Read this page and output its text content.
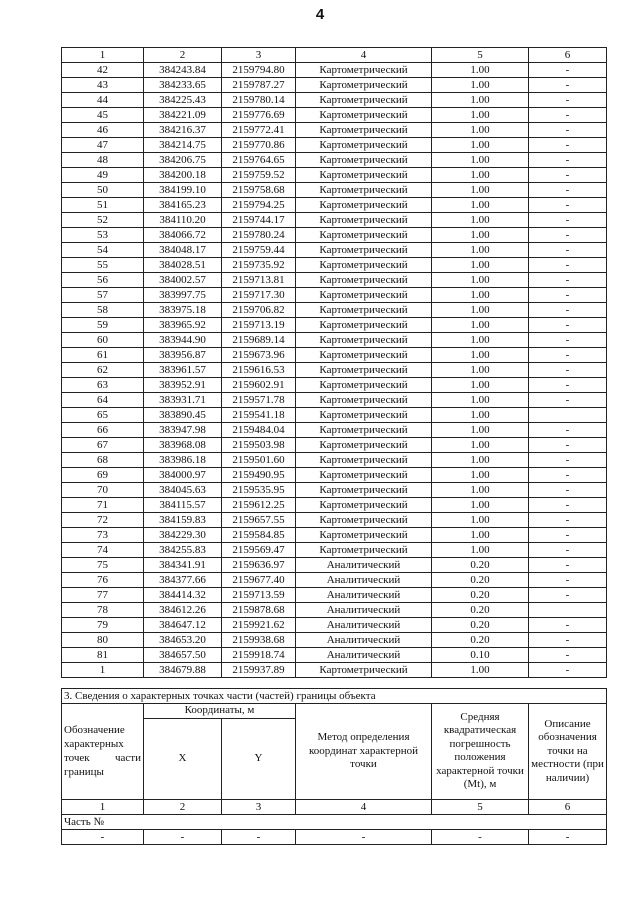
4
1	2	3	4	5	6
42	384243.84	2159794.80	Картометрический	1.00	-
43	384233.65	2159787.27	Картометрический	1.00	-
44	384225.43	2159780.14	Картометрический	1.00	-
45	384221.09	2159776.69	Картометрический	1.00	-
46	384216.37	2159772.41	Картометрический	1.00	-
47	384214.75	2159770.86	Картометрический	1.00	-
48	384206.75	2159764.65	Картометрический	1.00	-
49	384200.18	2159759.52	Картометрический	1.00	-
50	384199.10	2159758.68	Картометрический	1.00	-
51	384165.23	2159794.25	Картометрический	1.00	-
52	384110.20	2159744.17	Картометрический	1.00	-
53	384066.72	2159780.24	Картометрический	1.00	-
54	384048.17	2159759.44	Картометрический	1.00	-
55	384028.51	2159735.92	Картометрический	1.00	-
56	384002.57	2159713.81	Картометрический	1.00	-
57	383997.75	2159717.30	Картометрический	1.00	-
58	383975.18	2159706.82	Картометрический	1.00	-
59	383965.92	2159713.19	Картометрический	1.00	-
60	383944.90	2159689.14	Картометрический	1.00	-
61	383956.87	2159673.96	Картометрический	1.00	-
62	383961.57	2159616.53	Картометрический	1.00	-
63	383952.91	2159602.91	Картометрический	1.00	-
64	383931.71	2159571.78	Картометрический	1.00	-
65	383890.45	2159541.18	Картометрический	1.00	
66	383947.98	2159484.04	Картометрический	1.00	-
67	383968.08	2159503.98	Картометрический	1.00	-
68	383986.18	2159501.60	Картометрический	1.00	-
69	384000.97	2159490.95	Картометрический	1.00	-
70	384045.63	2159535.95	Картометрический	1.00	-
71	384115.57	2159612.25	Картометрический	1.00	-
72	384159.83	2159657.55	Картометрический	1.00	-
73	384229.30	2159584.85	Картометрический	1.00	-
74	384255.83	2159569.47	Картометрический	1.00	-
75	384341.91	2159636.97	Аналитический	0.20	-
76	384377.66	2159677.40	Аналитический	0.20	-
77	384414.32	2159713.59	Аналитический	0.20	-
78	384612.26	2159878.68	Аналитический	0.20	
79	384647.12	2159921.62	Аналитический	0.20	-
80	384653.20	2159938.68	Аналитический	0.20	-
81	384657.50	2159918.74	Аналитический	0.10	-
1	384679.88	2159937.89	Картометрический	1.00	-
3. Сведения о характерных точках части (частей) границы объекта					
Обозначение характерных точек части границы	Координаты, м		Метод определения координат характерной точки	Средняя квадратическая погрешность положения характерной точки (Mt), м	Описание обозначения точки на местности (при наличии)
	X	Y			
1	2	3	4	5	6
Часть №					
-	-	-	-	-	-
